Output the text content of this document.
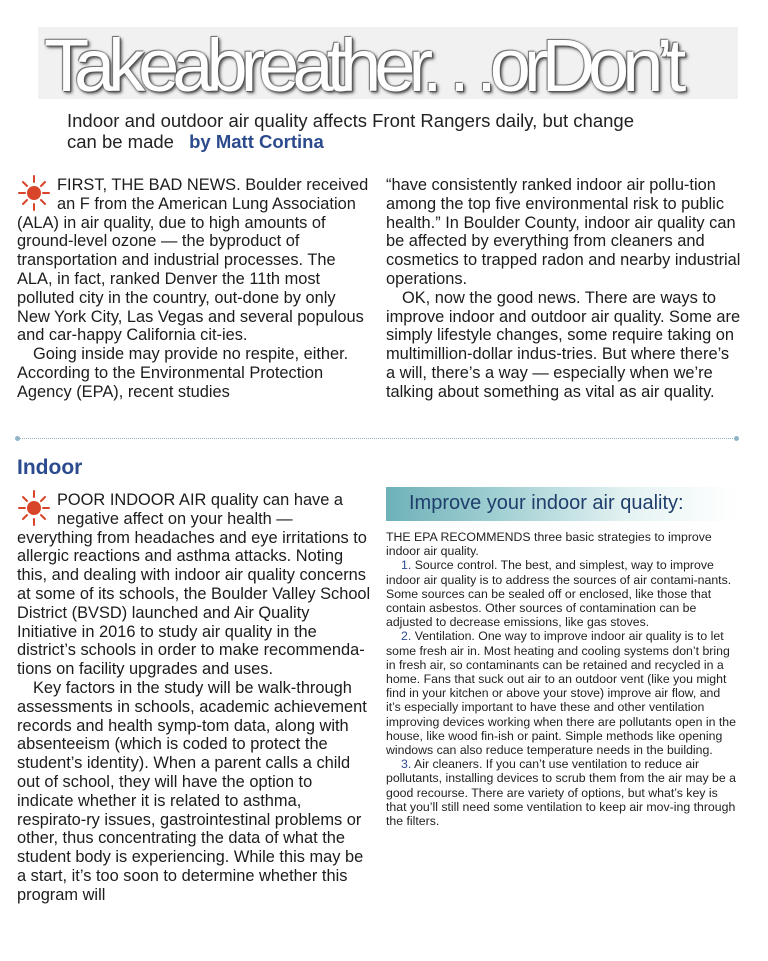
Takeabreather. . .orDon’t
Indoor and outdoor air quality affects Front Rangers daily, but change
can be made by Matt Cortina

FIRST, THE BAD NEWS. Boulder received an F from the American Lung Association (ALA) in air quality, due to high amounts of ground-level ozone — the byproduct of transportation and industrial processes. The ALA, in fact, ranked Denver the 11th most polluted city in the country, out-done by only New York City, Las Vegas and several populous and car-happy California cit-ies.

Going inside may provide no respite, either. According to the Environmental Protection Agency (EPA), recent studies

“have consistently ranked indoor air pollu-tion among the top five environmental risk to public health.” In Boulder County, indoor air quality can be affected by everything from cleaners and cosmetics to trapped radon and nearby industrial operations.

OK, now the good news. There are ways to improve indoor and outdoor air quality. Some are simply lifestyle changes, some require taking on multimillion-dollar indus-tries. But where there’s a will, there’s a way — especially when we’re talking about something as vital as air quality.

Indoor

POOR INDOOR AIR quality can have a negative affect on your health — everything from headaches and eye irritations to allergic reactions and asthma attacks. Noting this, and dealing with indoor air quality concerns at some of its schools, the Boulder Valley School District (BVSD) launched and Air Quality Initiative in 2016 to study air quality in the district’s schools in order to make recommenda-tions on facility upgrades and uses.

Key factors in the study will be walk-through assessments in schools, academic achievement records and health symp-tom data, along with absenteeism (which is coded to protect the student’s identity). When a parent calls a child out of school, they will have the option to indicate whether it is related to asthma, respirato-ry issues, gastrointestinal problems or other, thus concentrating the data of what the student body is experiencing. While this may be a start, it’s too soon to determine whether this program will

Improve your indoor air quality:

THE EPA RECOMMENDS three basic strategies to improve indoor air quality.

1. Source control. The best, and simplest, way to improve indoor air quality is to address the sources of air contami-nants. Some sources can be sealed off or enclosed, like those that contain asbestos. Other sources of contamination can be adjusted to decrease emissions, like gas stoves.

2. Ventilation. One way to improve indoor air quality is to let some fresh air in. Most heating and cooling systems don’t bring in fresh air, so contaminants can be retained and recycled in a home. Fans that suck out air to an outdoor vent (like you might find in your kitchen or above your stove) improve air flow, and it’s especially important to have these and other ventilation improving devices working when there are pollutants open in the house, like wood fin-ish or paint. Simple methods like opening windows can also reduce temperature needs in the building.

3. Air cleaners. If you can’t use ventilation to reduce air pollutants, installing devices to scrub them from the air may be a good recourse. There are variety of options, but what’s key is that you’ll still need some ventilation to keep air mov-ing through the filters.
